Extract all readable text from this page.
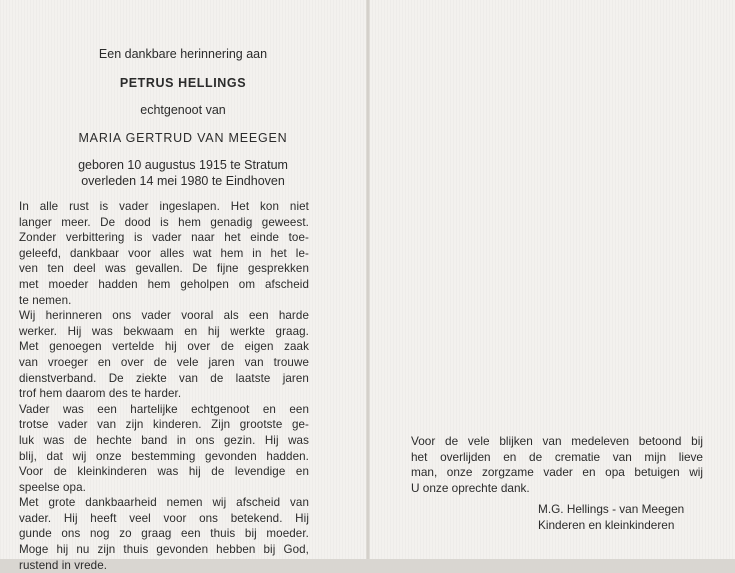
Een dankbare herinnering aan
PETRUS HELLINGS
echtgenoot van
MARIA GERTRUD VAN MEEGEN
geboren 10 augustus 1915 te Stratum
overleden 14 mei 1980 te Eindhoven
In alle rust is vader ingeslapen. Het kon niet
langer meer. De dood is hem genadig geweest.
Zonder verbittering is vader naar het einde toe-
geleefd, dankbaar voor alles wat hem in het le-
ven ten deel was gevallen. De fijne gesprekken
met moeder hadden hem geholpen om afscheid
te nemen.
Wij herinneren ons vader vooral als een harde
werker. Hij was bekwaam en hij werkte graag.
Met genoegen vertelde hij over de eigen zaak
van vroeger en over de vele jaren van trouwe
dienstverband. De ziekte van de laatste jaren
trof hem daarom des te harder.
Vader was een hartelijke echtgenoot en een
trotse vader van zijn kinderen. Zijn grootste ge-
luk was de hechte band in ons gezin. Hij was
blij, dat wij onze bestemming gevonden hadden.
Voor de kleinkinderen was hij de levendige en
speelse opa.
Met grote dankbaarheid nemen wij afscheid van
vader. Hij heeft veel voor ons betekend. Hij
gunde ons nog zo graag een thuis bij moeder.
Moge hij nu zijn thuis gevonden hebben bij God,
rustend in vrede.
Voor de vele blijken van medeleven betoond bij
het overlijden en de crematie van mijn lieve
man, onze zorgzame vader en opa betuigen wij
U onze oprechte dank.
M.G. Hellings - van Meegen
Kinderen en kleinkinderen
